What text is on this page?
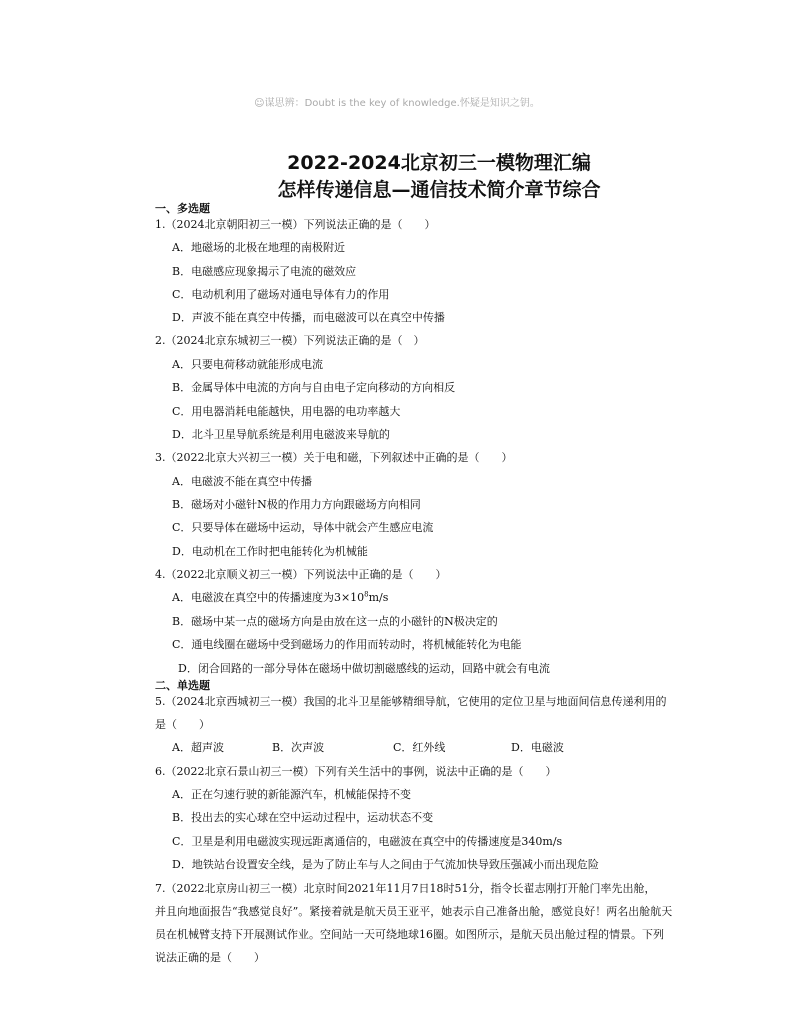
☺谋思辨：Doubt is the key of knowledge.怀疑是知识之钥。
2022-2024北京初三一模物理汇编
怎样传递信息—通信技术简介章节综合
一、多选题
1.（2024北京朝阳初三一模）下列说法正确的是（　　）
A．地磁场的北极在地理的南极附近
B．电磁感应现象揭示了电流的磁效应
C．电动机利用了磁场对通电导体有力的作用
D．声波不能在真空中传播，而电磁波可以在真空中传播
2.（2024北京东城初三一模）下列说法正确的是（　）
A．只要电荷移动就能形成电流
B．金属导体中电流的方向与自由电子定向移动的方向相反
C．用电器消耗电能越快，用电器的电功率越大
D．北斗卫星导航系统是利用电磁波来导航的
3.（2022北京大兴初三一模）关于电和磁，下列叙述中正确的是（　　）
A．电磁波不能在真空中传播
B．磁场对小磁针N极的作用力方向跟磁场方向相同
C．只要导体在磁场中运动，导体中就会产生感应电流
D．电动机在工作时把电能转化为机械能
4.（2022北京顺义初三一模）下列说法中正确的是（　　）
A．电磁波在真空中的传播速度为$3\times 10^8m/s$
B．磁场中某一点的磁场方向是由放在这一点的小磁针的N极决定的
C．通电线圈在磁场中受到磁场力的作用而转动时，将机械能转化为电能
D．闭合回路的一部分导体在磁场中做切割磁感线的运动，回路中就会有电流
二、单选题
5.（2024北京西城初三一模）我国的北斗卫星能够精细导航，它使用的定位卫星与地面间信息传递利用的
是（　　）
A．超声波	B．次声波	C．红外线	D．电磁波
6.（2022北京石景山初三一模）下列有关生活中的事例，说法中正确的是（　　）
A．正在匀速行驶的新能源汽车，机械能保持不变
B．投出去的实心球在空中运动过程中，运动状态不变
C．卫星是利用电磁波实现远距离通信的，电磁波在真空中的传播速度是340m/s
D．地铁站台设置安全线，是为了防止车与人之间由于气流加快导致压强减小而出现危险
7.（2022北京房山初三一模）北京时间2021年11月7日18时51分，指令长翟志刚打开舱门率先出舱，
并且向地面报告“我感觉良好”。紧接着就是航天员王亚平，她表示自己准备出舱，感觉良好！两名出舱航天
员在机械臂支持下开展测试作业。空间站一天可绕地球16圈。如图所示，是航天员出舱过程的情景。下列
说法正确的是（　　）
